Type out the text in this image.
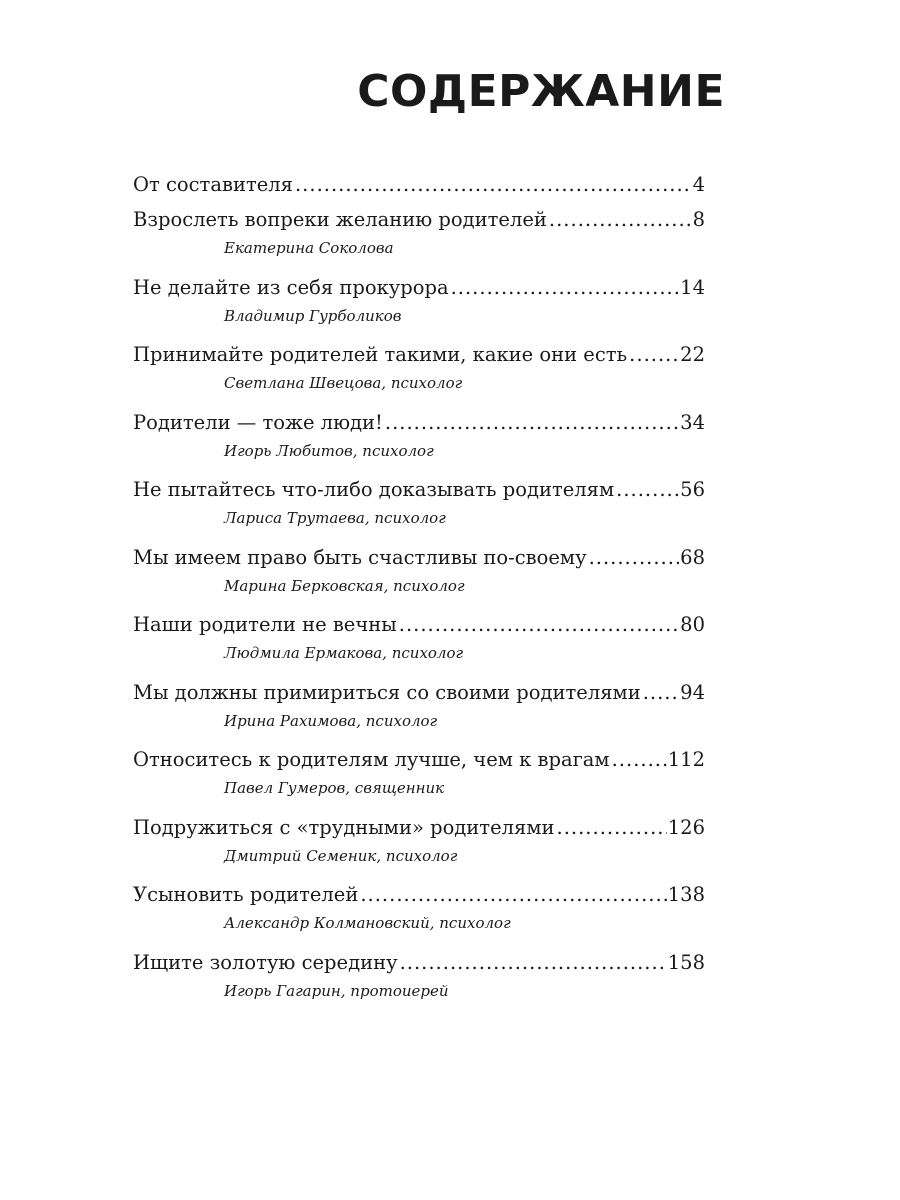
СОДЕРЖАНИЕ
От составителя .....	4
Взрослеть вопреки желанию родителей .....	8
Екатерина Соколова
Не делайте из себя прокурора .....	14
Владимир Гурболиков
Принимайте родителей такими, какие они есть .....	22
Светлана Швецова, психолог
Родители — тоже люди! .....	34
Игорь Любитов, психолог
Не пытайтесь что-либо доказывать родителям .....	56
Лариса Трутаева, психолог
Мы имеем право быть счастливы по-своему .....	68
Марина Берковская, психолог
Наши родители не вечны .....	80
Людмила Ермакова, психолог
Мы должны примириться со своими родителями ..... 94
Ирина Рахимова, психолог
Относитесь к родителям лучше, чем к врагам .....	112
Павел Гумеров, священник
Подружиться с «трудными» родителями .....	126
Дмитрий Семеник, психолог
Усыновить родителей .....	138
Александр Колмановский, психолог
Ищите золотую середину .....	158
Игорь Гагарин, протоиерей
